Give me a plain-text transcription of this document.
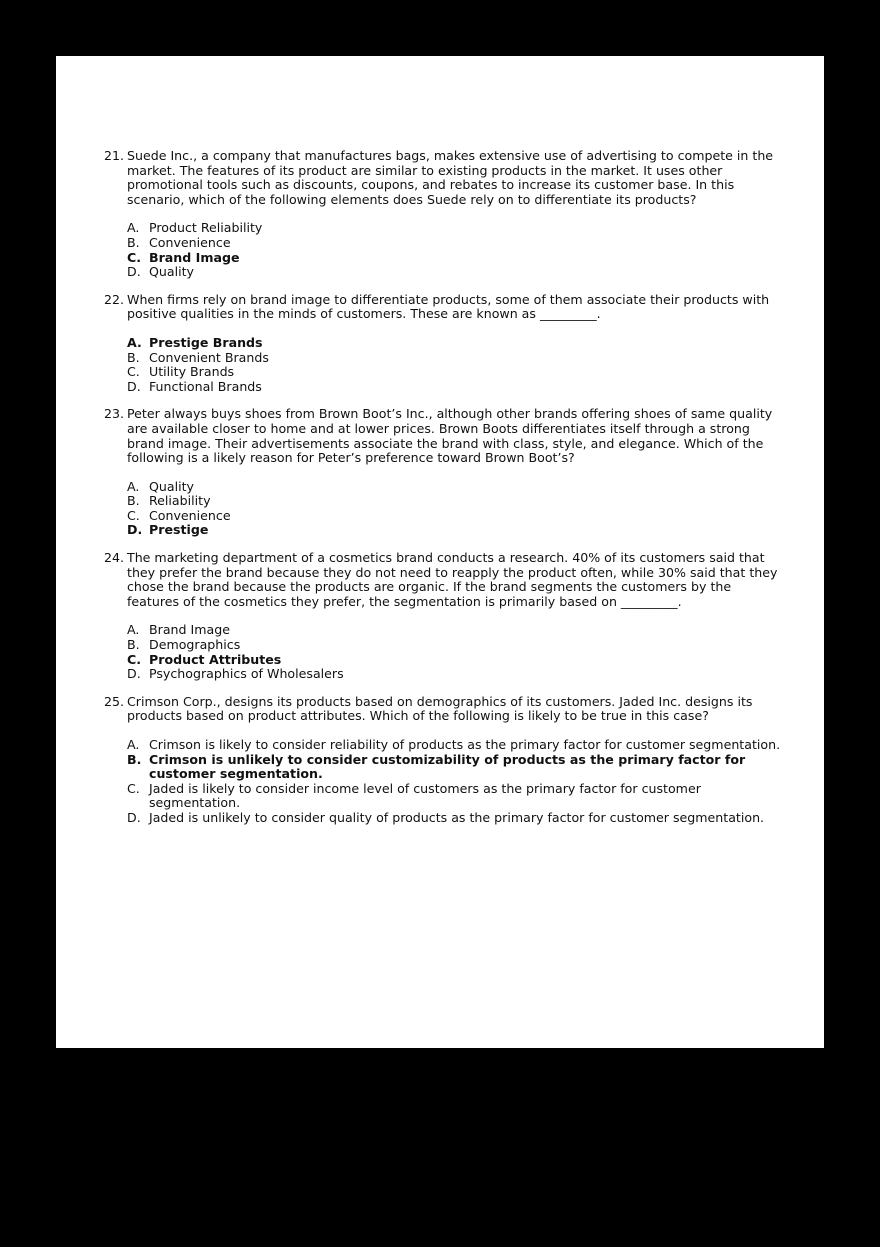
21. Suede Inc., a company that manufactures bags, makes extensive use of advertising to compete in the market. The features of its product are similar to existing products in the market. It uses other promotional tools such as discounts, coupons, and rebates to increase its customer base. In this scenario, which of the following elements does Suede rely on to differentiate its products?
A. Product Reliability
B. Convenience
C. Brand Image
D. Quality
22. When firms rely on brand image to differentiate products, some of them associate their products with positive qualities in the minds of customers. These are known as _________.
A. Prestige Brands
B. Convenient Brands
C. Utility Brands
D. Functional Brands
23. Peter always buys shoes from Brown Boot’s Inc., although other brands offering shoes of same quality are available closer to home and at lower prices. Brown Boots differentiates itself through a strong brand image. Their advertisements associate the brand with class, style, and elegance. Which of the following is a likely reason for Peter’s preference toward Brown Boot’s?
A. Quality
B. Reliability
C. Convenience
D. Prestige
24. The marketing department of a cosmetics brand conducts a research. 40% of its customers said that they prefer the brand because they do not need to reapply the product often, while 30% said that they chose the brand because the products are organic. If the brand segments the customers by the features of the cosmetics they prefer, the segmentation is primarily based on _________.
A. Brand Image
B. Demographics
C. Product Attributes
D. Psychographics of Wholesalers
25. Crimson Corp., designs its products based on demographics of its customers. Jaded Inc. designs its products based on product attributes. Which of the following is likely to be true in this case?
A. Crimson is likely to consider reliability of products as the primary factor for customer segmentation.
B. Crimson is unlikely to consider customizability of products as the primary factor for customer segmentation.
C. Jaded is likely to consider income level of customers as the primary factor for customer segmentation.
D. Jaded is unlikely to consider quality of products as the primary factor for customer segmentation.
